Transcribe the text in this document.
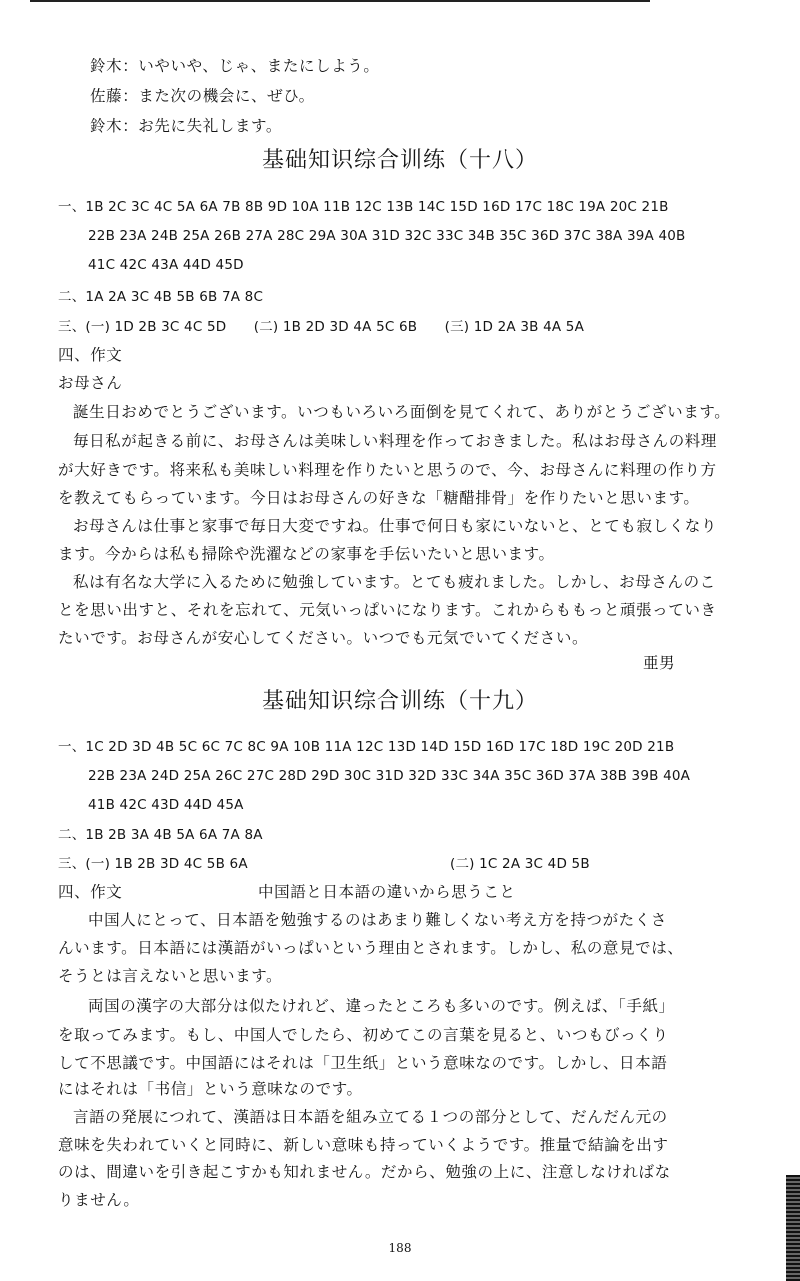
鈴木：いやいや、じゃ、またにしよう。
佐藤：また次の機会に、ぜひ。
鈴木：お先に失礼します。
基础知识综合训练（十八）
一、1B 2C 3C 4C 5A 6A 7B 8B 9D 10A 11B 12C 13B 14C 15D 16D 17C 18C 19A 20C 21B
22B 23A 24B 25A 26B 27A 28C 29A 30A 31D 32C 33C 34B 35C 36D 37C 38A 39A 40B
41C 42C 43A 44D 45D
二、1A 2A 3C 4B 5B 6B 7A 8C
三、(一) 1D 2B 3C 4C 5D　　(二) 1B 2D 3D 4A 5C 6B　　(三) 1D 2A 3B 4A 5A
四、作文
お母さん
誕生日おめでとうございます。いつもいろいろ面倒を見てくれて、ありがとうございます。
毎日私が起きる前に、お母さんは美味しい料理を作っておきました。私はお母さんの料理
が大好きです。将来私も美味しい料理を作りたいと思うので、今、お母さんに料理の作り方
を教えてもらっています。今日はお母さんの好きな「糖醋排骨」を作りたいと思います。
お母さんは仕事と家事で毎日大変ですね。仕事で何日も家にいないと、とても寂しくなり
ます。今からは私も掃除や洗濯などの家事を手伝いたいと思います。
私は有名な大学に入るために勉強しています。とても疲れました。しかし、お母さんのこ
とを思い出すと、それを忘れて、元気いっぱいになります。これからももっと頑張っていき
たいです。お母さんが安心してください。いつでも元気でいてください。
亜男
基础知识综合训练（十九）
一、1C 2D 3D 4B 5C 6C 7C 8C 9A 10B 11A 12C 13D 14D 15D 16D 17C 18D 19C 20D 21B
22B 23A 24D 25A 26C 27C 28D 29D 30C 31D 32D 33C 34A 35C 36D 37A 38B 39B 40A
41B 42C 43D 44D 45A
二、1B 2B 3A 4B 5A 6A 7A 8A
三、(一) 1B 2B 3D 4C 5B 6A	(二) 1C 2A 3C 4D 5B
四、作文	中国語と日本語の違いから思うこと
中国人にとって、日本語を勉強するのはあまり難しくない考え方を持つがたくさ
んいます。日本語には漢語がいっぱいという理由とされます。しかし、私の意見では、
そうとは言えないと思います。
両国の漢字の大部分は似たけれど、違ったところも多いのです。例えば、「手紙」
を取ってみます。もし、中国人でしたら、初めてこの言葉を見ると、いつもびっくり
して不思議です。中国語にはそれは「卫生纸」という意味なのです。しかし、日本語
にはそれは「书信」という意味なのです。
言語の発展につれて、漢語は日本語を組み立てる１つの部分として、だんだん元の
意味を失われていくと同時に、新しい意味も持っていくようです。推量で結論を出す
のは、間違いを引き起こすかも知れません。だから、勉強の上に、注意しなければな
りません。
188
